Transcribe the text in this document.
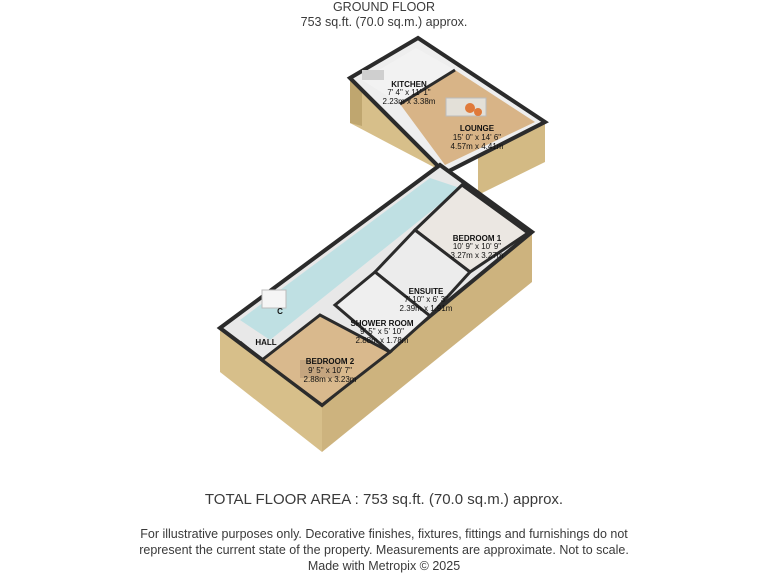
GROUND FLOOR
753 sq.ft. (70.0 sq.m.) approx.
KITCHEN
7' 4" x 11' 1"
2.23m x 3.38m
LOUNGE
15' 0" x 14' 6"
4.57m x 4.41m
BEDROOM 1
10' 9" x 10' 9"
3.27m x 3.27m
ENSUITE
7' 10" x 6' 3"
2.39m x 1.91m
SHOWER ROOM
9' 5" x 5' 10"
2.88m x 1.78m
BEDROOM 2
9' 5" x 10' 7"
2.88m x 3.23m
HALL
C
TOTAL FLOOR AREA : 753 sq.ft. (70.0 sq.m.) approx.
For illustrative purposes only. Decorative finishes, fixtures, fittings and furnishings do not
represent the current state of the property. Measurements are approximate. Not to scale.
Made with Metropix © 2025
